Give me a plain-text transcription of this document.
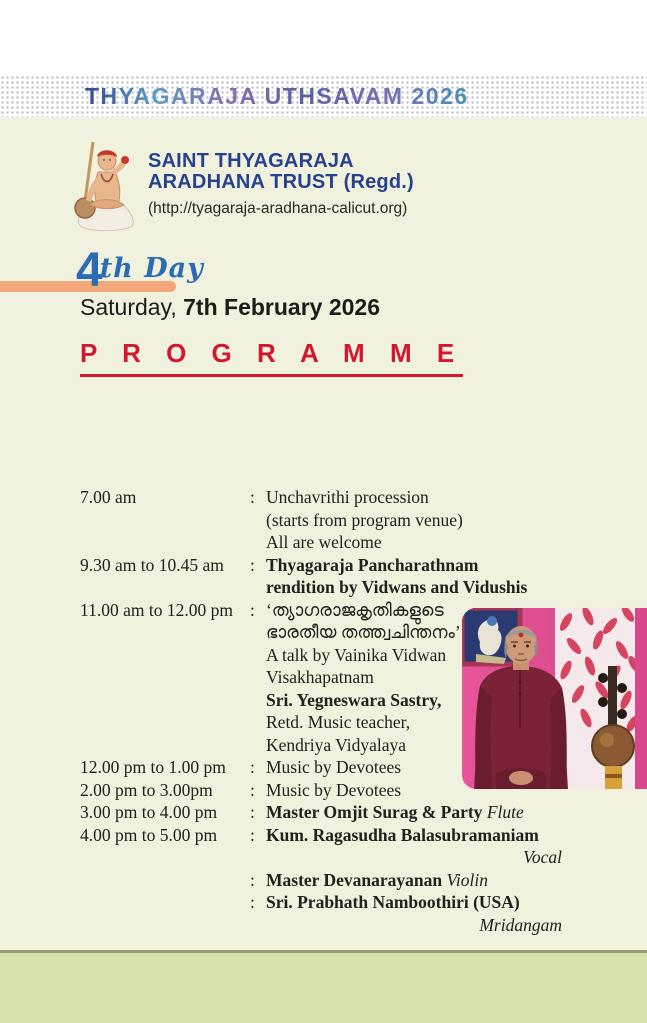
THYAGARAJA UTHSAVAM 2026
SAINT THYAGARAJA
ARADHANA TRUST (Regd.)
(http://tyagaraja-aradhana-calicut.org)
4th Day
Saturday, 7th February 2026
P R O G R A M M E
7.00 am	: Unchavrithi procession
(starts from program venue)
All are welcome
9.30 am to 10.45 am	: Thyagaraja Pancharathnam
rendition by Vidwans and Vidushis
11.00 am to 12.00 pm : ‘ത്യാഗരാജകൃതികളുടെ
ഭാരതീയ തത്ത്വചിന്തനം’
A talk by Vainika Vidwan
Visakhapatnam
Sri. Yegneswara Sastry,
Retd. Music teacher,
Kendriya Vidyalaya
12.00 pm to 1.00 pm	: Music by Devotees
2.00 pm to 3.00pm	: Music by Devotees
3.00 pm to 4.00 pm	: Master Omjit Surag & Party Flute
4.00 pm to 5.00 pm	: Kum. Ragasudha Balasubramaniam
Vocal
: Master Devanarayanan Violin
: Sri. Prabhath Namboothiri (USA)
Mridangam
